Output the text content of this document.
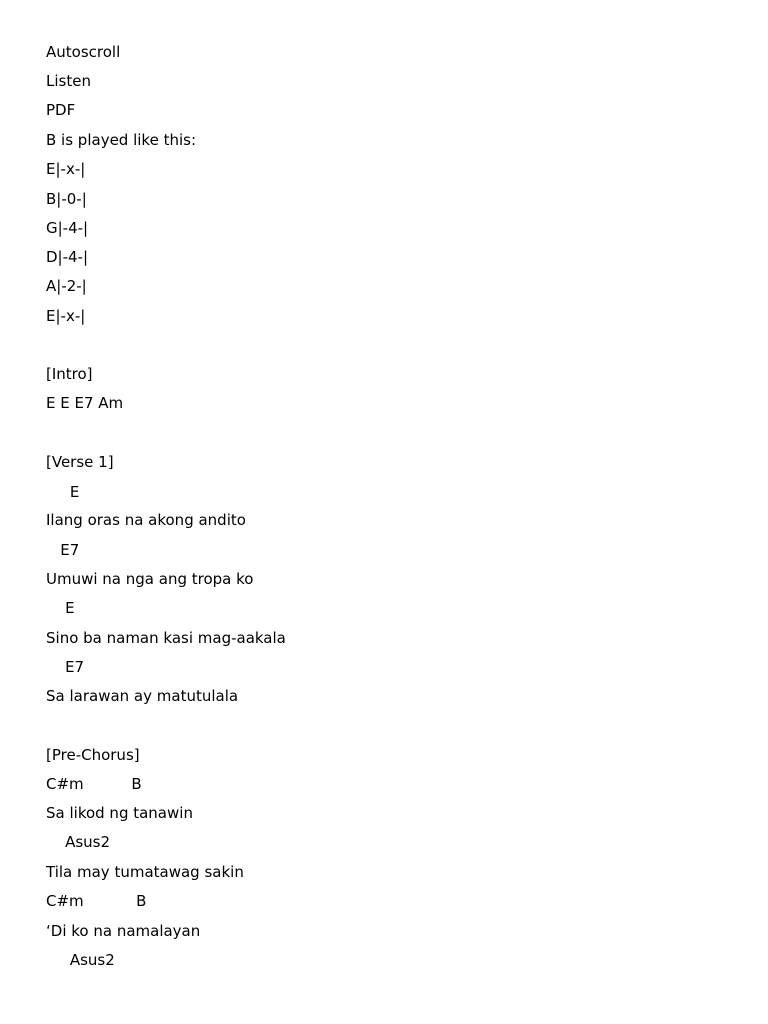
Autoscroll
Listen
PDF
B is played like this:
E|-x-|
B|-0-|
G|-4-|
D|-4-|
A|-2-|
E|-x-|
[Intro]
E E E7 Am
[Verse 1]
E
Ilang oras na akong andito
E7
Umuwi na nga ang tropa ko
E
Sino ba naman kasi mag-aakala
E7
Sa larawan ay matutulala
[Pre-Chorus]
C#m          B
Sa likod ng tanawin
Asus2
Tila may tumatawag sakin
C#m           B
‘Di ko na namalayan
Asus2
